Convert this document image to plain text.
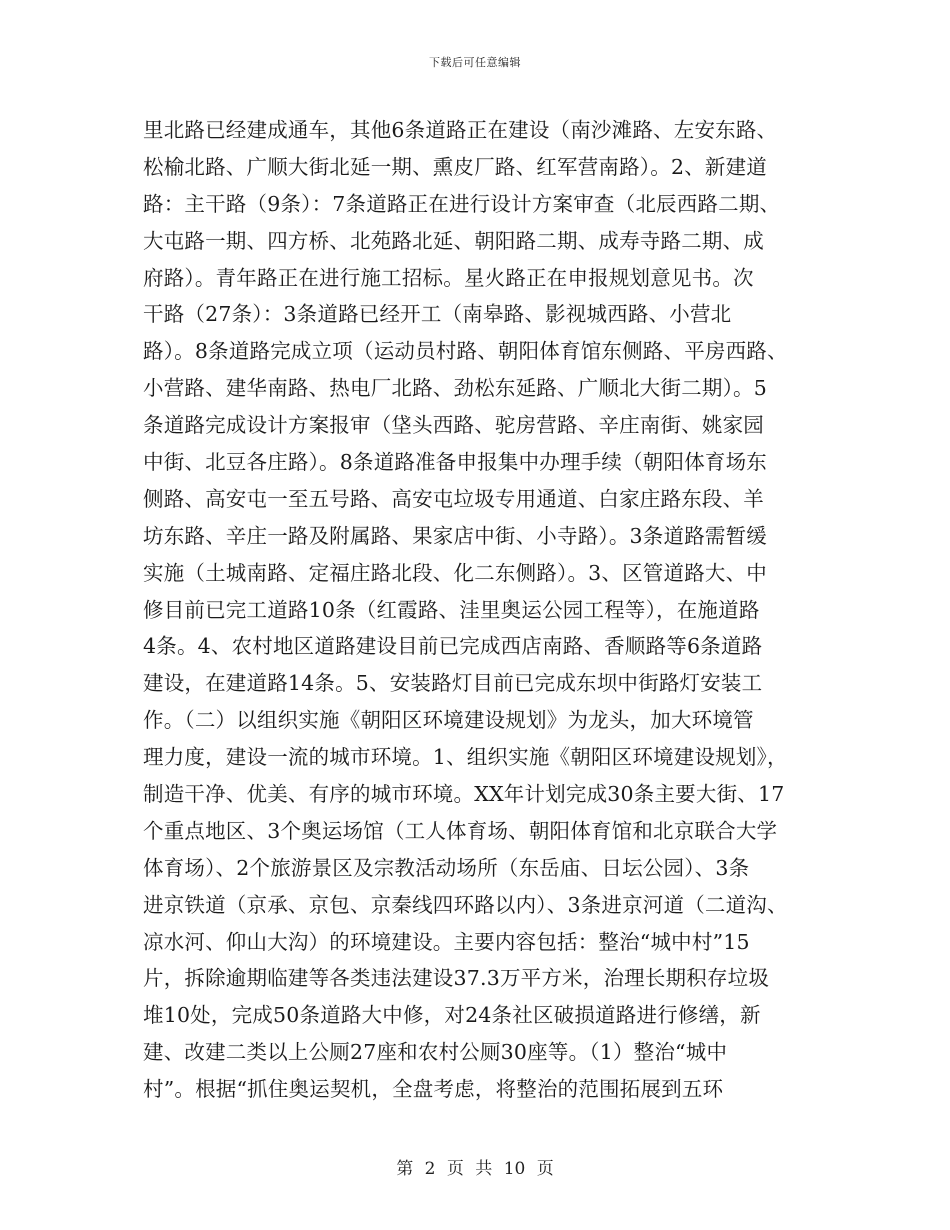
下载后可任意编辑
里北路已经建成通车，其他6条道路正在建设（南沙滩路、左安东路、
松榆北路、广顺大街北延一期、熏皮厂路、红军营南路）。2、新建道
路：主干路（9条）：7条道路正在进行设计方案审查（北辰西路二期、
大屯路一期、四方桥、北苑路北延、朝阳路二期、成寿寺路二期、成
府路）。青年路正在进行施工招标。星火路正在申报规划意见书。次
干路（27条）：3条道路已经开工（南皋路、影视城西路、小营北
路）。8条道路完成立项（运动员村路、朝阳体育馆东侧路、平房西路、
小营路、建华南路、热电厂北路、劲松东延路、广顺北大街二期）。5
条道路完成设计方案报审（垡头西路、驼房营路、辛庄南街、姚家园
中街、北豆各庄路）。8条道路准备申报集中办理手续（朝阳体育场东
侧路、高安屯一至五号路、高安屯垃圾专用通道、白家庄路东段、羊
坊东路、辛庄一路及附属路、果家店中街、小寺路）。3条道路需暂缓
实施（土城南路、定福庄路北段、化二东侧路）。3、区管道路大、中
修目前已完工道路10条（红霞路、洼里奥运公园工程等），在施道路
4条。4、农村地区道路建设目前已完成西店南路、香顺路等6条道路
建设，在建道路14条。5、安装路灯目前已完成东坝中街路灯安装工
作。（二）以组织实施《朝阳区环境建设规划》为龙头，加大环境管
理力度，建设一流的城市环境。1、组织实施《朝阳区环境建设规划》，
制造干净、优美、有序的城市环境。XX年计划完成30条主要大街、17
个重点地区、3个奥运场馆（工人体育场、朝阳体育馆和北京联合大学
体育场）、2个旅游景区及宗教活动场所（东岳庙、日坛公园）、3条
进京铁道（京承、京包、京秦线四环路以内）、3条进京河道（二道沟、
凉水河、仰山大沟）的环境建设。主要内容包括：整治“城中村”15
片，拆除逾期临建等各类违法建设37.3万平方米，治理长期积存垃圾
堆10处，完成50条道路大中修，对24条社区破损道路进行修缮，新
建、改建二类以上公厕27座和农村公厕30座等。（1）整治“城中
村”。根据“抓住奥运契机，全盘考虑，将整治的范围拓展到五环
第 2 页 共 10 页
